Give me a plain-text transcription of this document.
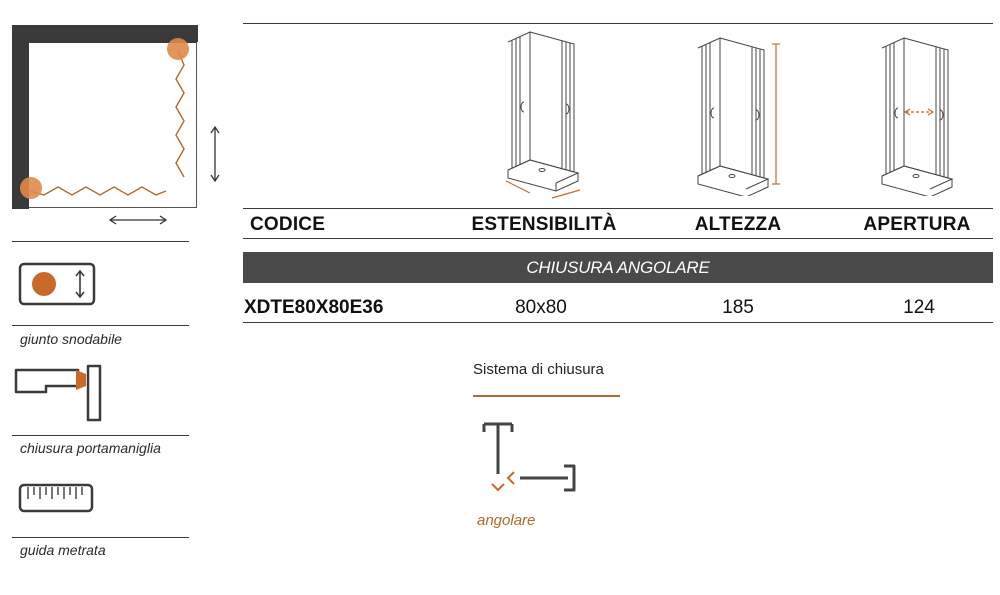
giunto snodabile
chiusura portamaniglia
guida metrata
CODICE	ESTENSIBILITÀ	ALTEZZA	APERTURA
CHIUSURA ANGOLARE
XDTE80X80E36	80x80	185	124
Sistema di chiusura
angolare
